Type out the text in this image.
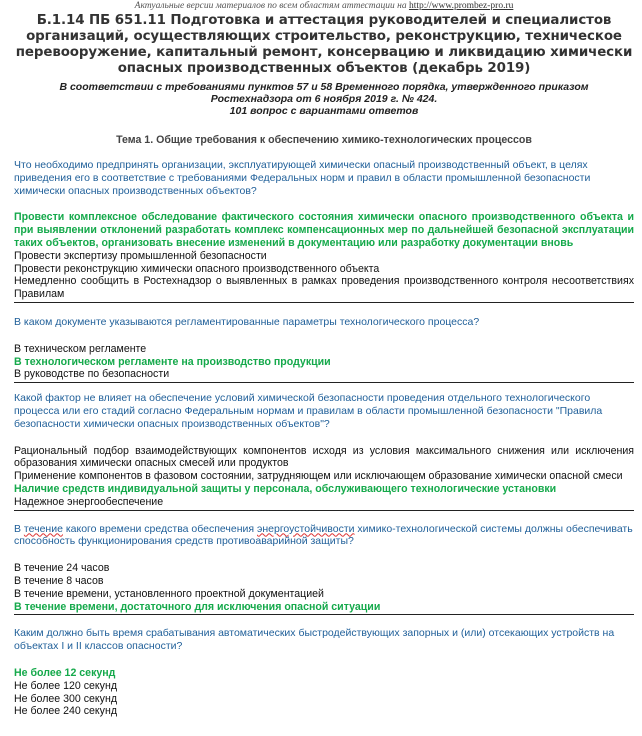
Актуальные версии материалов по всем областям аттестации на http://www.prombez-pro.ru
Б.1.14 ПБ 651.11 Подготовка и аттестация руководителей и специалистов организаций, осуществляющих строительство, реконструкцию, техническое перевооружение, капитальный ремонт, консервацию и ликвидацию химически опасных производственных объектов (декабрь 2019)
В соответствии с требованиями пунктов 57 и 58 Временного порядка, утвержденного приказом
Ростехнадзора от 6 ноября 2019 г. № 424.
101 вопрос с вариантами ответов
Тема 1. Общие требования к обеспечению химико-технологических процессов
Что необходимо предпринять организации, эксплуатирующей химически опасный производственный объект, в целях приведения его в соответствие с требованиями Федеральных норм и правил в области промышленной безопасности химически опасных производственных объектов?
Провести комплексное обследование фактического состояния химически опасного производственного объекта и при выявлении отклонений разработать комплекс компенсационных мер по дальнейшей безопасной эксплуатации таких объектов, организовать внесение изменений в документацию или разработку документации вновь
Провести экспертизу промышленной безопасности
Провести реконструкцию химически опасного производственного объекта
Немедленно сообщить в Ростехнадзор о выявленных в рамках проведения производственного контроля несоответствиях Правилам
В каком документе указываются регламентированные параметры технологического процесса?
В техническом регламенте
В технологическом регламенте на производство продукции
В руководстве по безопасности
Какой фактор не влияет на обеспечение условий химической безопасности проведения отдельного технологического процесса или его стадий согласно Федеральным нормам и правилам в области промышленной безопасности "Правила безопасности химически опасных производственных объектов"?
Рациональный подбор взаимодействующих компонентов исходя из условия максимального снижения или исключения образования химически опасных смесей или продуктов
Применение компонентов в фазовом состоянии, затрудняющем или исключающем образование химически опасной смеси
Наличие средств индивидуальной защиты у персонала, обслуживающего технологические установки
Надежное энергообеспечение
В течение какого времени средства обеспечения энергоустойчивости химико-технологической системы должны обеспечивать способность функционирования средств противоаварийной защиты?
В течение 24 часов
В течение 8 часов
В течение времени, установленного проектной документацией
В течение времени, достаточного для исключения опасной ситуации
Каким должно быть время срабатывания автоматических быстродействующих запорных и (или) отсекающих устройств на объектах I и II классов опасности?
Не более 12 секунд
Не более 120 секунд
Не более 300 секунд
Не более 240 секунд
